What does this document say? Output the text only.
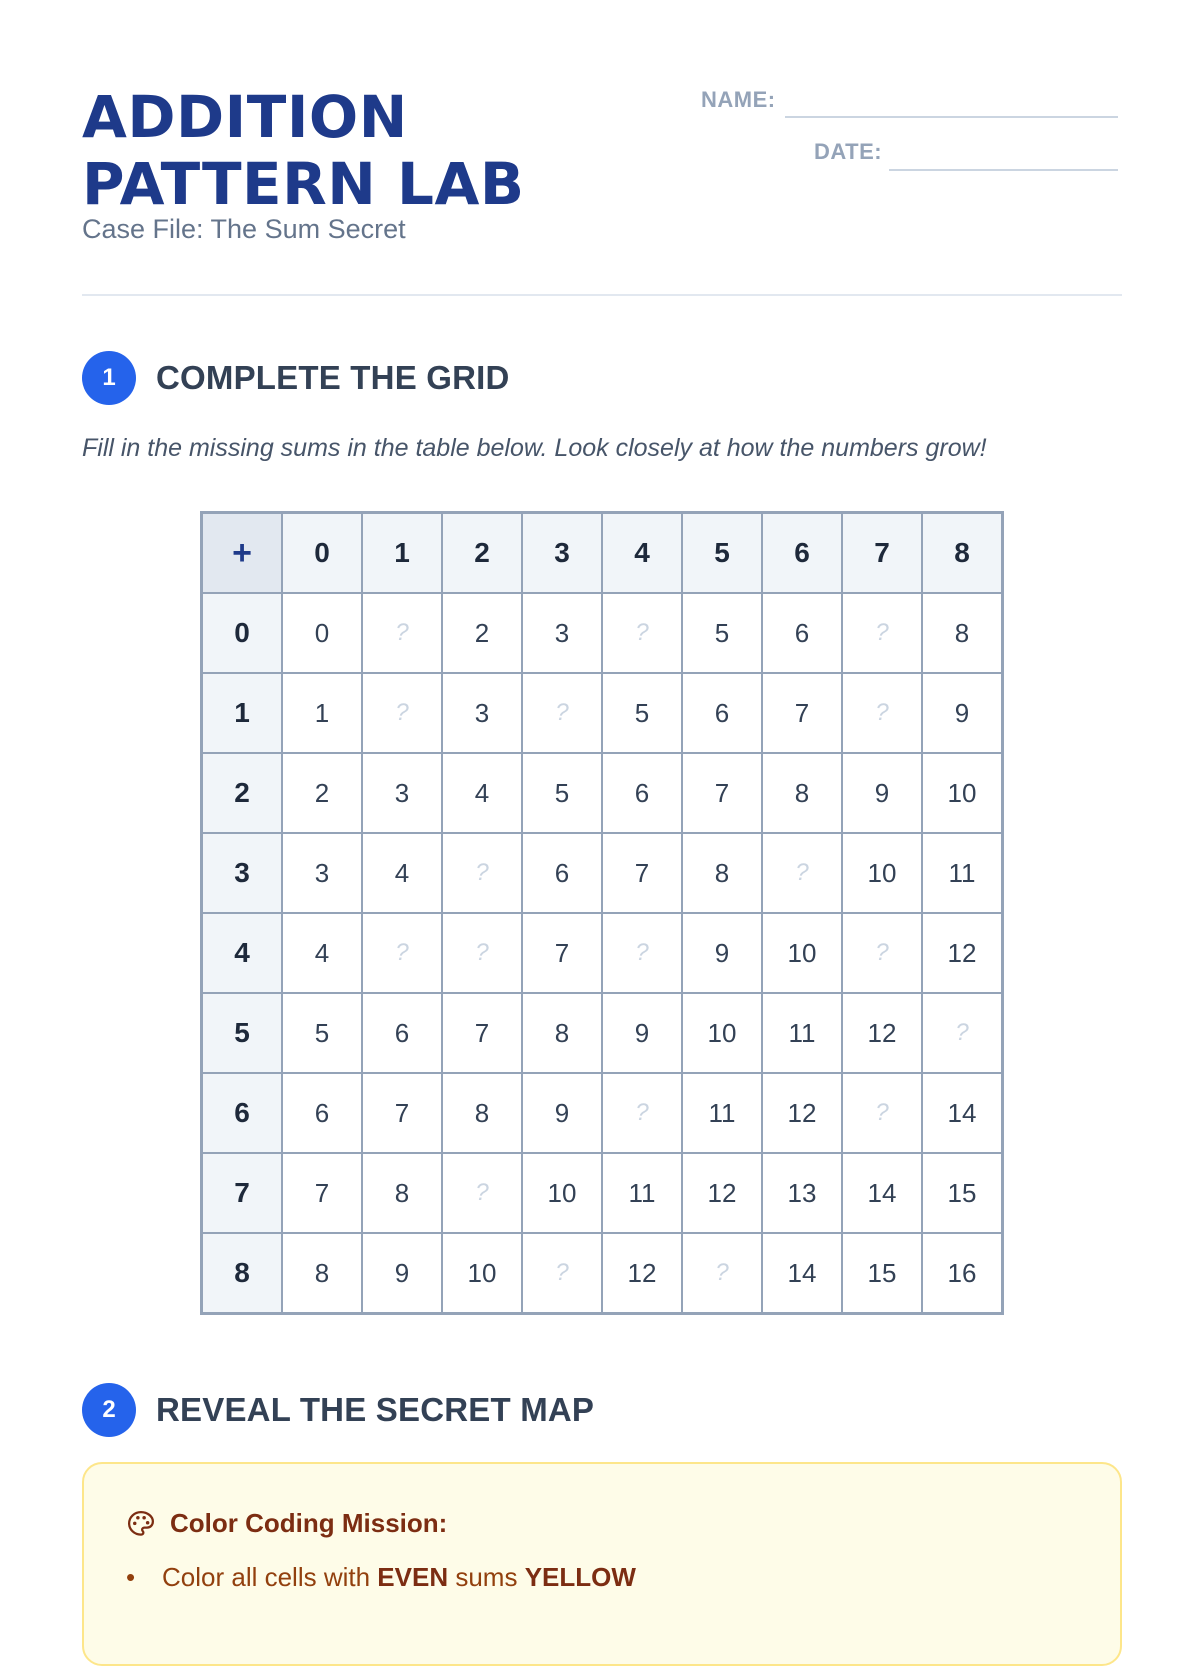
ADDITION PATTERN LAB
NAME:
DATE:
Case File: The Sum Secret
1	COMPLETE THE GRID
Fill in the missing sums in the table below. Look closely at how the numbers grow!
+	0	1	2	3	4	5	6	7	8
0	0	?	2	3	?	5	6	?	8
1	1	?	3	?	5	6	7	?	9
2	2	3	4	5	6	7	8	9	10
3	3	4	?	6	7	8	?	10	11
4	4	?	?	7	?	9	10	?	12
5	5	6	7	8	9	10	11	12	?
6	6	7	8	9	?	11	12	?	14
7	7	8	?	10	11	12	13	14	15
8	8	9	10	?	12	?	14	15	16
2	REVEAL THE SECRET MAP
Color Coding Mission:
• Color all cells with EVEN sums YELLOW
